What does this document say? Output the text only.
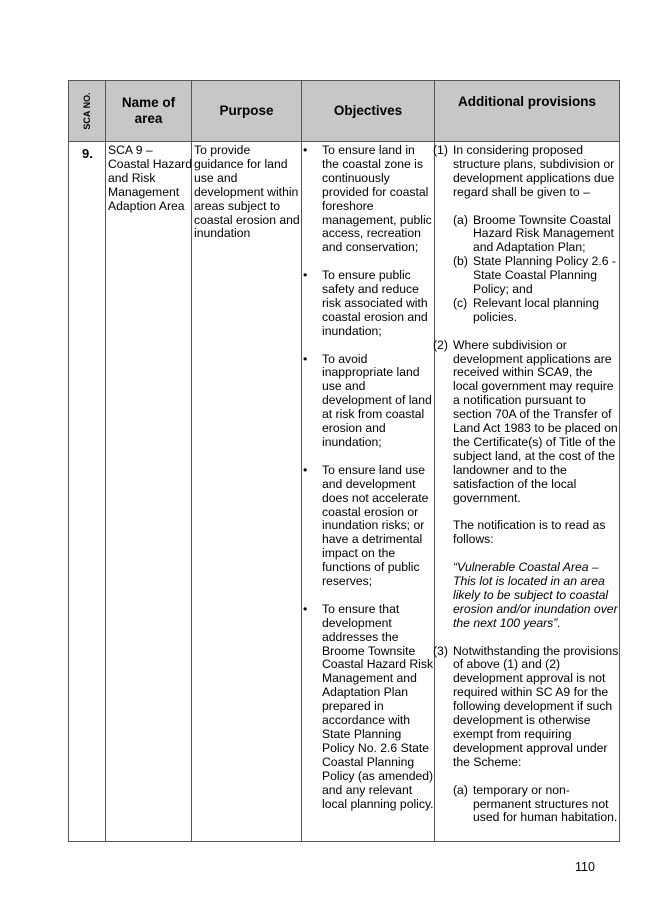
SCA NO.	Name of area
Purpose	Objectives
Additional provisions
9. SCA 9 –
Coastal Hazard
and Risk
Management
Adaption Area
To provide
guidance for land
use and
development within
areas subject to
coastal erosion and
inundation
• To ensure land in
the coastal zone is
continuously
provided for coastal
foreshore
management, public
access, recreation
and conservation;
• To ensure public
safety and reduce
risk associated with
coastal erosion and
inundation;
• To avoid
inappropriate land
use and
development of land
at risk from coastal
erosion and
inundation;
• To ensure land use
and development
does not accelerate
coastal erosion or
inundation risks; or
have a detrimental
impact on the
functions of public
reserves;
• To ensure that
development
addresses the
Broome Townsite
Coastal Hazard Risk
Management and
Adaptation Plan
prepared in
accordance with
State Planning
Policy No. 2.6 State
Coastal Planning
Policy (as amended)
and any relevant
local planning policy.
(1) In considering proposed
structure plans, subdivision or
development applications due
regard shall be given to –
(a) Broome Townsite Coastal
Hazard Risk Management
and Adaptation Plan;
(b) State Planning Policy 2.6 -
State Coastal Planning
Policy; and
(c) Relevant local planning
policies.
(2) Where subdivision or
development applications are
received within SCA9, the
local government may require
a notification pursuant to
section 70A of the Transfer of
Land Act 1983 to be placed on
the Certificate(s) of Title of the
subject land, at the cost of the
landowner and to the
satisfaction of the local
government.
The notification is to read as
follows:
“Vulnerable Coastal Area –
This lot is located in an area
likely to be subject to coastal
erosion and/or inundation over
the next 100 years”.
(3) Notwithstanding the provisions
of above (1) and (2)
development approval is not
required within SC A9 for the
following development if such
development is otherwise
exempt from requiring
development approval under
the Scheme:
(a) temporary or non-
permanent structures not
used for human habitation.
110
